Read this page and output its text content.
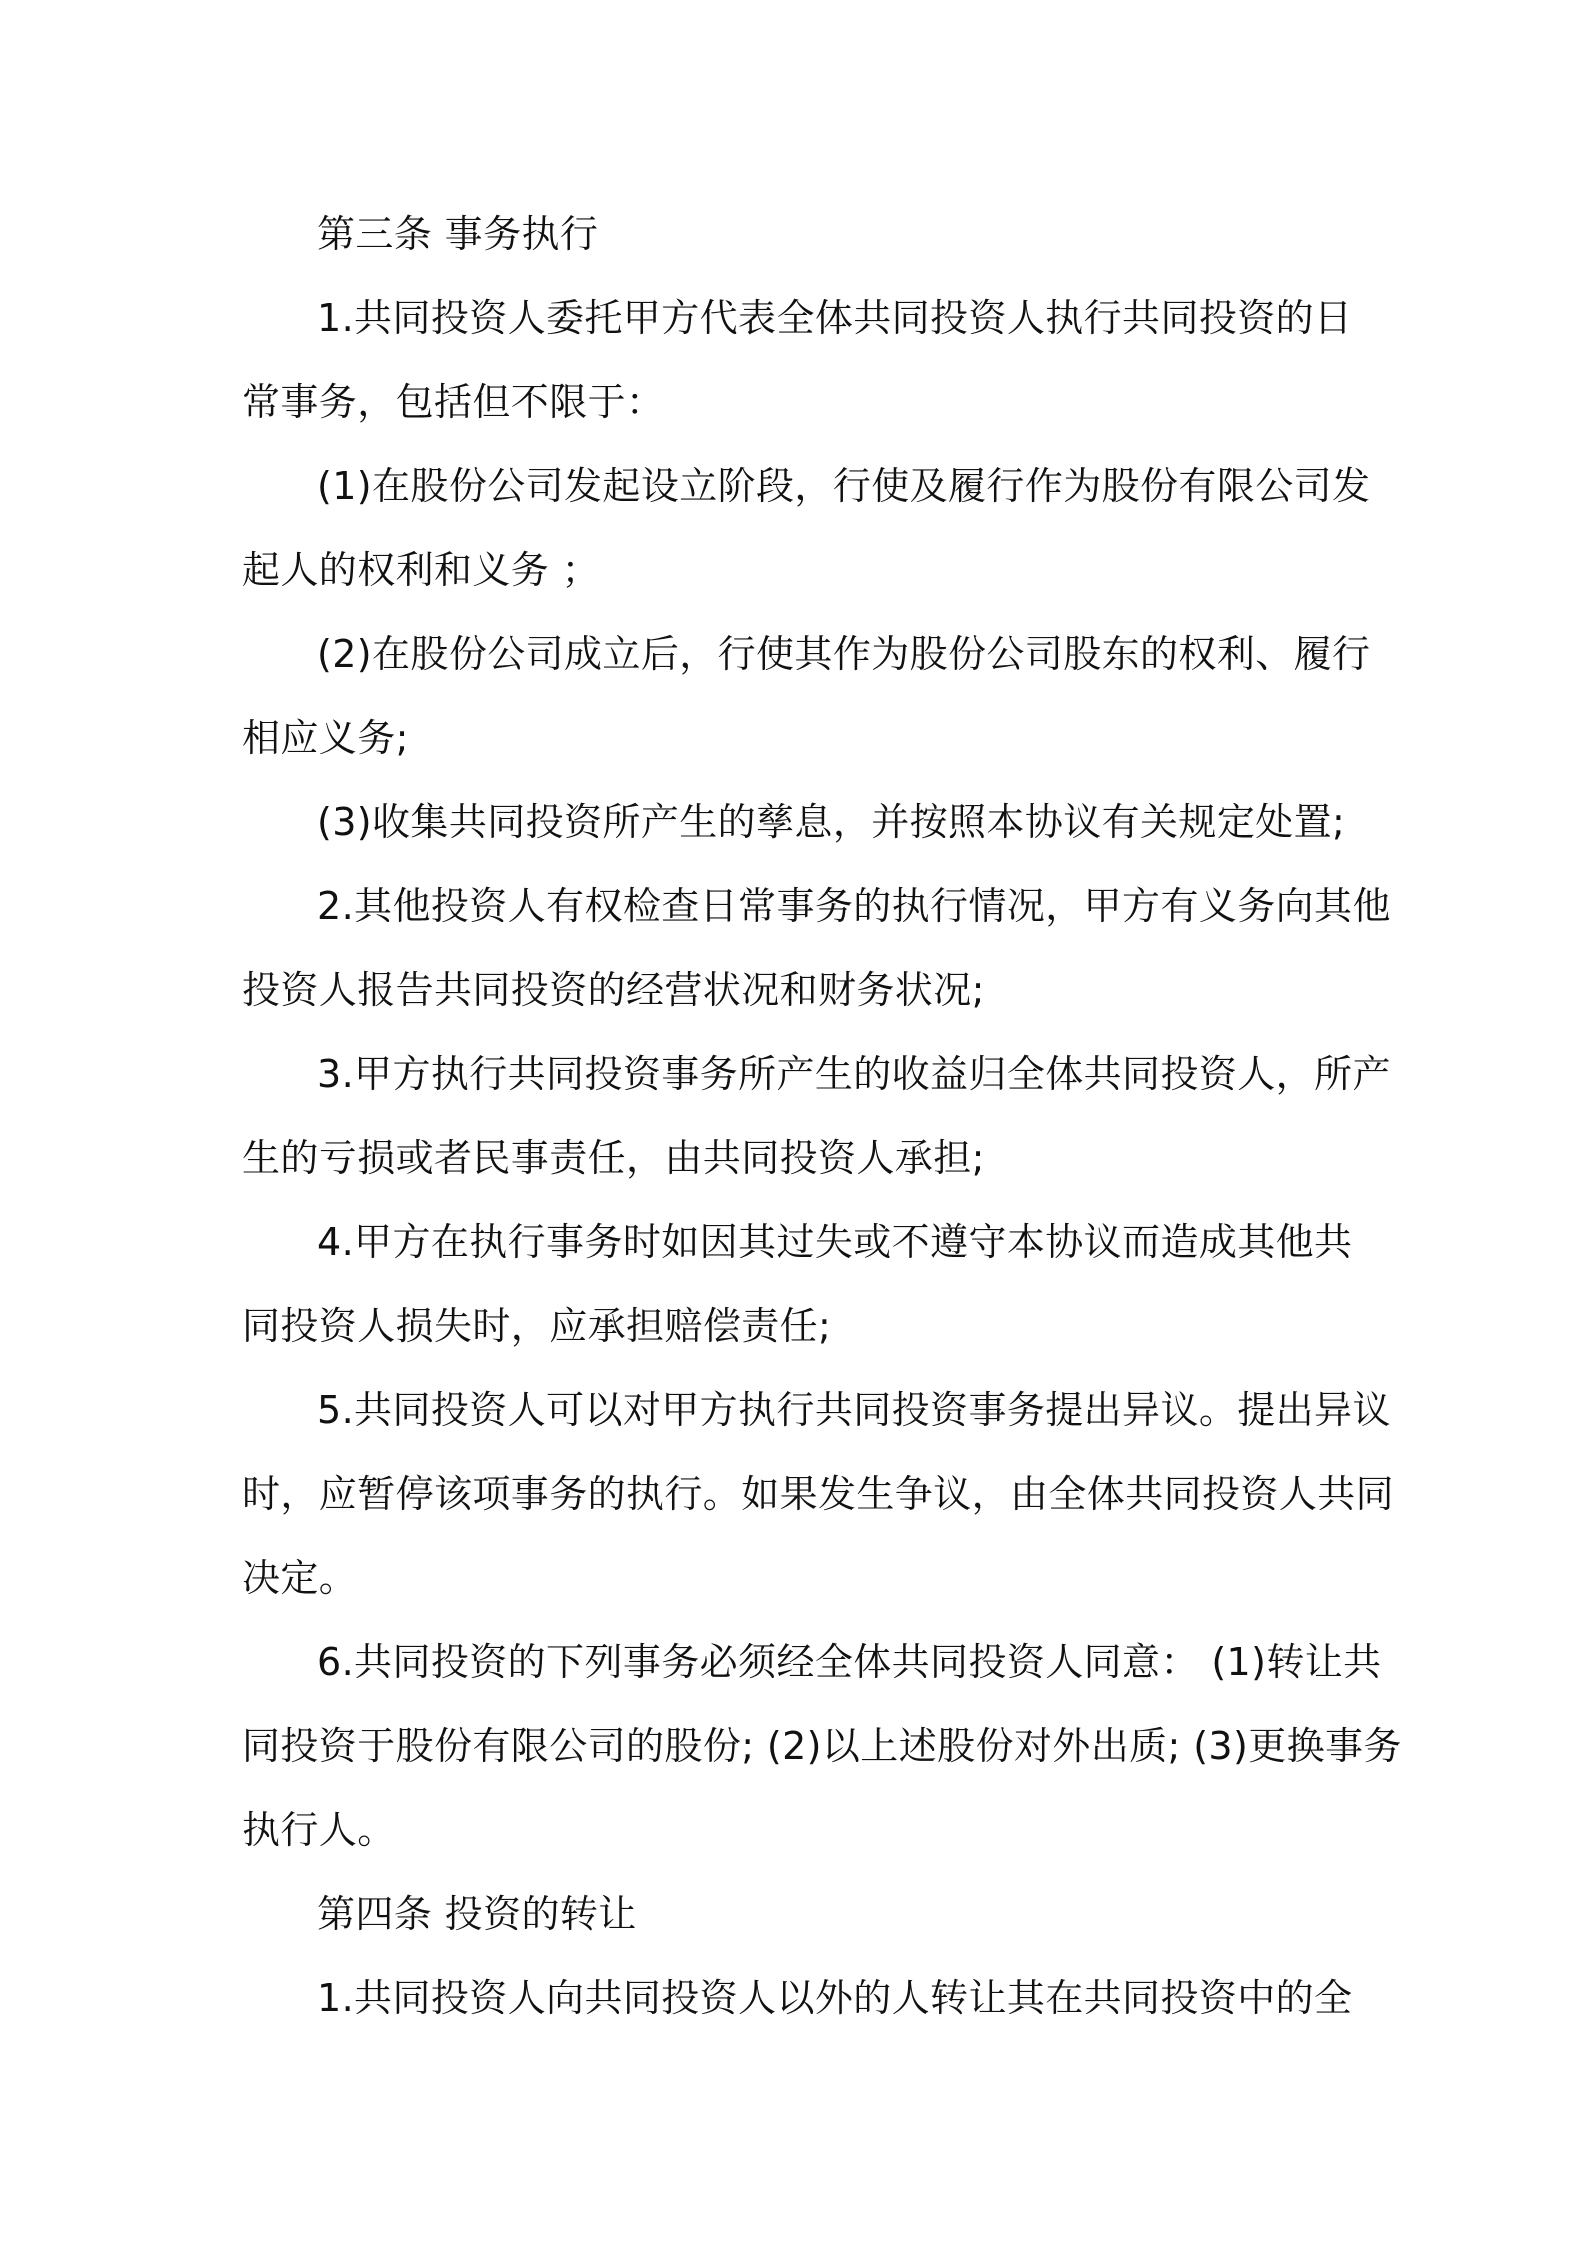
第三条 事务执行
1.共同投资人委托甲方代表全体共同投资人执行共同投资的日
常事务，包括但不限于：
(1)在股份公司发起设立阶段，行使及履行作为股份有限公司发
起人的权利和义务 ；
(2)在股份公司成立后，行使其作为股份公司股东的权利、履行
相应义务;
(3)收集共同投资所产生的孳息，并按照本协议有关规定处置;
2.其他投资人有权检查日常事务的执行情况，甲方有义务向其他
投资人报告共同投资的经营状况和财务状况;
3.甲方执行共同投资事务所产生的收益归全体共同投资人，所产
生的亏损或者民事责任，由共同投资人承担;
4.甲方在执行事务时如因其过失或不遵守本协议而造成其他共
同投资人损失时，应承担赔偿责任;
5.共同投资人可以对甲方执行共同投资事务提出异议。提出异议
时，应暂停该项事务的执行。如果发生争议，由全体共同投资人共同
决定。
6.共同投资的下列事务必须经全体共同投资人同意： (1)转让共
同投资于股份有限公司的股份; (2)以上述股份对外出质; (3)更换事务
执行人。
第四条 投资的转让
1.共同投资人向共同投资人以外的人转让其在共同投资中的全
